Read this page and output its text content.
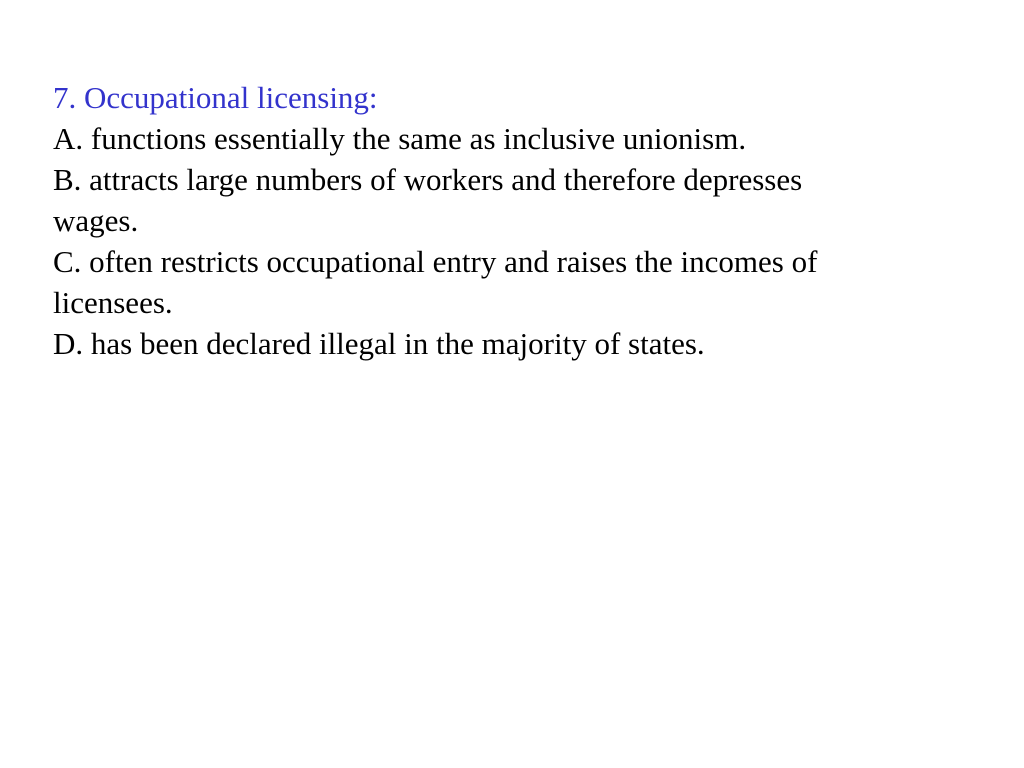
7. Occupational licensing:
A. functions essentially the same as inclusive unionism.
B. attracts large numbers of workers and therefore depresses
wages.
C. often restricts occupational entry and raises the incomes of
licensees.
D. has been declared illegal in the majority of states.
